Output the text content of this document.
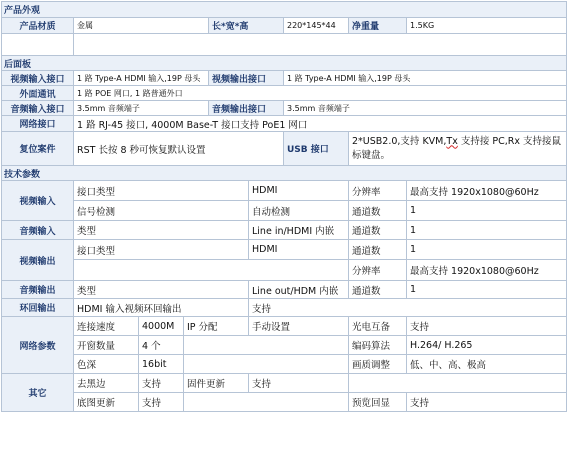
产品外观								
产品材质	金属			长*宽*高		220*145*44	净重量	1.5KG

后面板								
视频输入接口	1 路 Type-A HDMI 输入,19P 母头			视频输出接口		1 路 Type-A HDMI 输入,19P 母头		
外面通讯	1 路 POE 网口, 1 路普通外口							
音频输入接口	3.5mm 音频端子			音频输出接口		3.5mm 音频端子		
网络接口	1 路 RJ-45 接口, 4000M Base-T 接口支持 PoE1 网口							
复位案件	RST 长按 8 秒可恢复默认设置					USB 接口	2*USB2.0,支持 KVM,Tx 支持接 PC,Rx 支持接鼠标键盘。	
技术参数								
视频输入	接口类型				HDMI		分辨率	最高支持 1920x1080@60Hz
	信号检测				自动检测		通道数	1
音频输入	类型				Line in/HDMI 内嵌		通道数	1
视频输出	接口类型				HDMI		通道数	1
							分辨率	最高支持 1920x1080@60Hz
音频输出	类型				Line out/HDM 内嵌		通道数	1
环回输出	HDMI 输入视频环回输出				支持			
网络参数	连接速度	4000M	IP 分配		手动设置		光电互备	支持
	开窗数量	4 个					编码算法	H.264/ H.265
	色深	16bit					画质调整	低、中、高、极高
其它	去黑边	支持	固件更新		支持			
	底图更新	支持					预览回显	支持
